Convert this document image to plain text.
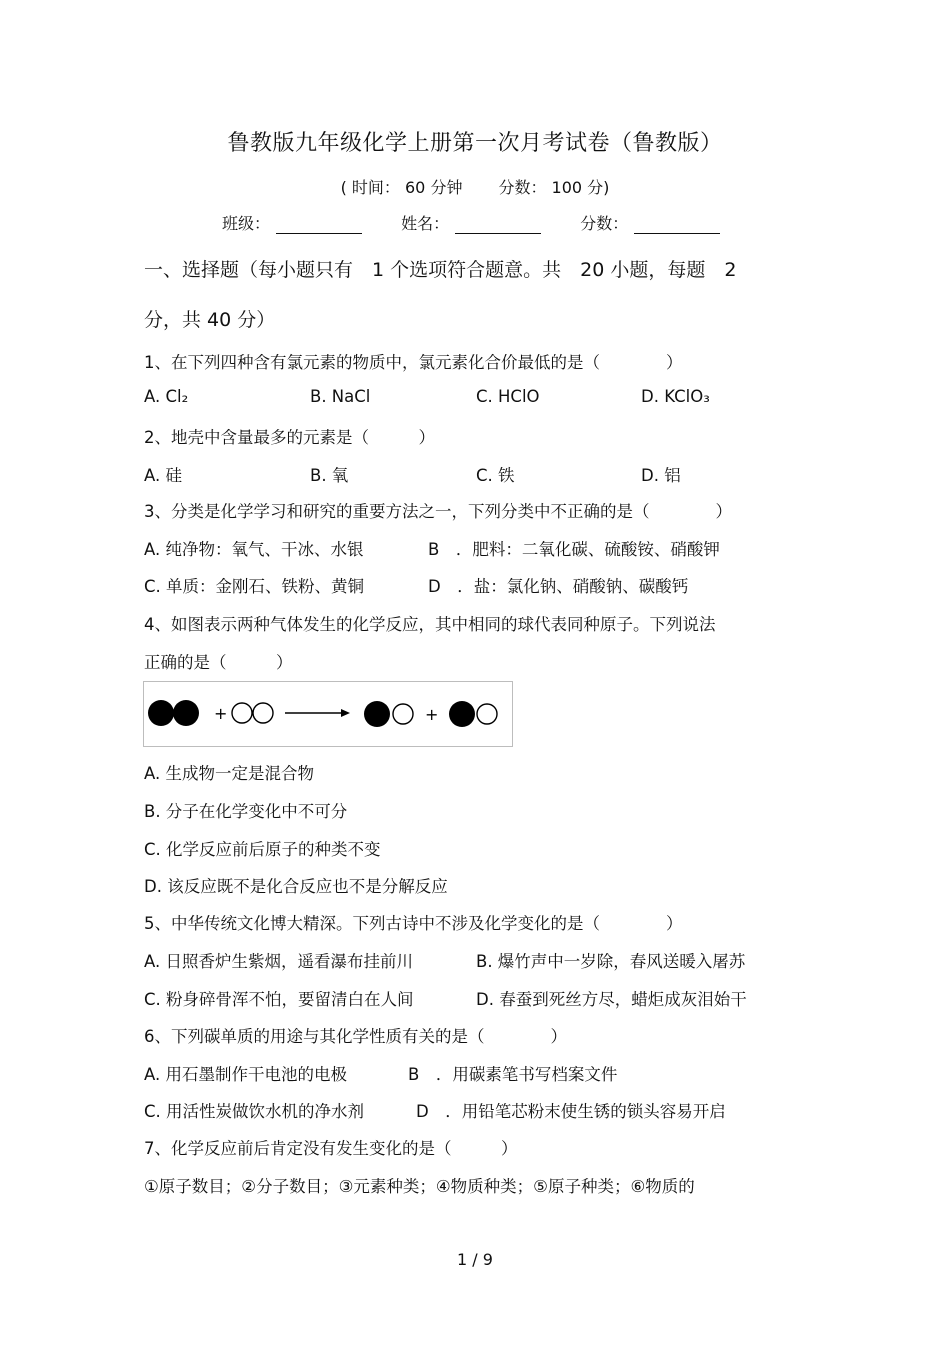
鲁教版九年级化学上册第一次月考试卷（鲁教版）
( 时间： 60 分钟 分数： 100 分)
班级：	姓名：	分数：
一、选择题（每小题只有　1 个选项符合题意。共　20 小题，每题　2
分，共 40 分）
1、在下列四种含有氯元素的物质中，氯元素化合价最低的是（　　　　）
A. Cl₂	B. NaCl	C. HClO	D. KClO₃
2、地壳中含量最多的元素是（　　　）
A. 硅	B. 氧	C. 铁	D. 铝
3、分类是化学学习和研究的重要方法之一，下列分类中不正确的是（　　　　）
A. 纯净物：氧气、干冰、水银	B　．肥料：二氧化碳、硫酸铵、硝酸钾
C. 单质：金刚石、铁粉、黄铜	D　．盐：氯化钠、硝酸钠、碳酸钙
4、如图表示两种气体发生的化学反应，其中相同的球代表同种原子。下列说法
正确的是（　　　）
+	+
A. 生成物一定是混合物
B. 分子在化学变化中不可分
C. 化学反应前后原子的种类不变
D. 该反应既不是化合反应也不是分解反应
5、中华传统文化博大精深。下列古诗中不涉及化学变化的是（　　　　）
A. 日照香炉生紫烟，遥看瀑布挂前川	B. 爆竹声中一岁除，春风送暖入屠苏
C. 粉身碎骨浑不怕，要留清白在人间	D. 春蚕到死丝方尽，蜡炬成灰泪始干
6、下列碳单质的用途与其化学性质有关的是（　　　　）
A. 用石墨制作干电池的电极	B　．用碳素笔书写档案文件
C. 用活性炭做饮水机的净水剂	D　．用铅笔芯粉末使生锈的锁头容易开启
7、化学反应前后肯定没有发生变化的是（　　　）
①原子数目；②分子数目；③元素种类；④物质种类；⑤原子种类；⑥物质的
1 / 9
